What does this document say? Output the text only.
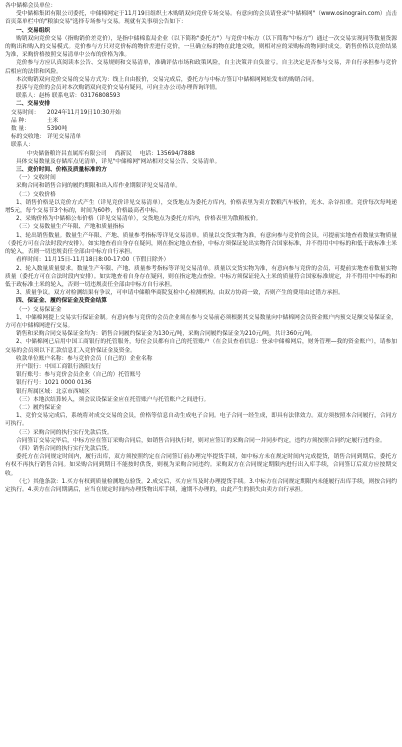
各中储棉会员单位：

受中储棉集团有限公司委托，中储棉网定于11月19日组织土木购销双向竞价专场交易。有意向的会员请登录"中储棉网"（www.osinograin.com）点击首页菜单栏中的"粮油交易"选择专场参与交易。现就有关事项公告如下：

一、交易组织

购销双向竞价交易（指购销价差竞价），是指中储棉监局企业（以下简称"委托方"）与竞价中标方（以下简称"中标方"）通过一次交易实现同等数量货源的购出和购入的交易模式。竞价参与方只对竞价标的物价差进行竞价，一旦确立标的物在此地交收，则相对应的采购标的物同时成交。销售价格以竞价结果为准，采购价格按照交易清单中公布的价格为准。

竞价参与方应认真阅读本公告、交易规则和交易清单，准确评估市场和政策风险，自主决策并自负盈亏。自主决定是否参与交易，并自行承担参与竞价后相应的法律和风险。

本次购销双向竞价交易的交易方式为：线上自由报价，交易完成后，委托方与中标方签订中储棉网网址发布的购销合同。

投诉与竞价的会员对本次购销双向竞价交易有疑问，可向主办公司办理咨询详情。

联系人：赵杨 联系电话：03176808593

二、交易安排

交易时间：	2024年11月19日10:30开始
品 种：	土米
数 量：	5390吨
标的交收地： 详见交易清单
联系人：
中央储备粮许昌直属库有限公司 尚新民 电话：135694/7888

具体交易数量及存储库点见清单，详见"中储棉网"网站相对交易公告、交易清单。

三、竞价时间、价格及质量标准的方

（一）交收时间

采购合同和销售合同的履约期限和出入库作业期限详见交易清单。

（二）交收价格

1、销售价格是以竞价方式产生（详见竞价详见交易清单），交货地点为委托方库内，价格表里为卖方散粮汽车板价，光水、杂谷扣重。竞价每次每吨递增5元，每个交易节3个标的，时间为60秒，价格最高者中标。

2、采购价格为中储棉公布价格（详见交易清单），交货地点为委托方库内，价格表里为散粮板价。

（三）交易数量生产年限、产地和质量指标

1、轮出销售数量。数量生产年限、产地、质量参考指标等详见交易清单。质量以交货实物为准，有意向参与竞价的会员，可提前实地查看数量实物质量（委托方可在合法时段内安排）。如实地查看自身存在疑问，则在指定地点查验，中标方须保证轮出实物符合国家标准，并不得用中中标的和低于政标准土米的轮入，否则一切违规责任全部由中标方自行承担。

看样时间：11月15日-11月18日8:00-17:00（节假日除外）

2、轮入数量质量要求。数量生产年限、产地、质量参考指标等详见交易清单。质量以交货实物为准，有意向参与竞价的会员，可提前实地查看数量实物质量（委托方可在合法时段内安排）。如实地查看自身存在疑问，则在指定地点查验。中标方须保证轮入土米的质量符合国家标准规定，并不得用中中标的和低于政标准土米的轮入，否则一切违规责任全部由中标方自行承担。

3、质量争议。双方对检测结果有争议，可申请中储粮华商院复检中心检测机构。由双方协商一致，否则产生的费用由过错方承担。

四、保证金、履约保证金及资金结算

（一）交易保证金

1、中储棉网提上交易实行保证金制。有意向参与竞价的会员企业须在参与交易前必须根据其交易数量向中储棉网会员资金账户内预交足额交易保证金，方可在中储棉网进行交易。

销售和采购合同交易保证金均为：销售合同履约保证金为130元/吨，采购合同履约保证金为210元/吨，共计360元/吨。

2、中储棉网已启用中国工商银行的托管服务，每位会员都有自己的托管账户（在会员查看信息：登录中储棉网后，财务管理—我的资金账户），请参加交易的会员须以下汇款信息汇入竞价保证金及资金。

收款单位账户名称：参与竞价会员（自己的）企业名称

开户银行：中国工商银行洛阳支行

银行账号：参与竞价会员企业（自己的）托管账号

银行行号：1021 0000 0136

银行所属区域：北京市西城区

（三）本地次结算转入，须会议设保证金应在托管账户与托管账户之间进行。

（二）履约保证金

1、竞价交易完成后，系统将对成交交易的会员，价格等信息自动生成电子合同。电子合同一经生成，即具有法律效力。双方须按照本合同履行，合同方可执行。

（三）采购合同的执行实行先款后货。

合同签订交易完毕后，中标方应在签订采购合同后，如销售合同执行时，则对应签订的采购合同一并同步约定，违约方须按照合同约定履行违约金。

（四）销售合同的执行实行先款后货。

委托方在合同规定时间内，履行出库，双方须按照约定在合同签订前办理完毕提货手续，如中标方未在规定时间内完成提货，销售合同到期后，委托方有权不再执行销售合同。如采购合同到期日不能按时供货，则视为采购合同违约。采购双方在合同规定期限内进行出入库手续，合同签订后双方应按期交收。

（七）其他条款：1.买方有权到质量检测地点验货。2.成交后，买方应当及时办理提货手续。3.中标方在合同规定期限内未能履行出库手续，则按合同约定执行。4.卖方在合同期满后，应当在规定时间内办理货物出库手续，逾期不办理的，由此产生的损失由卖方自行承担。
